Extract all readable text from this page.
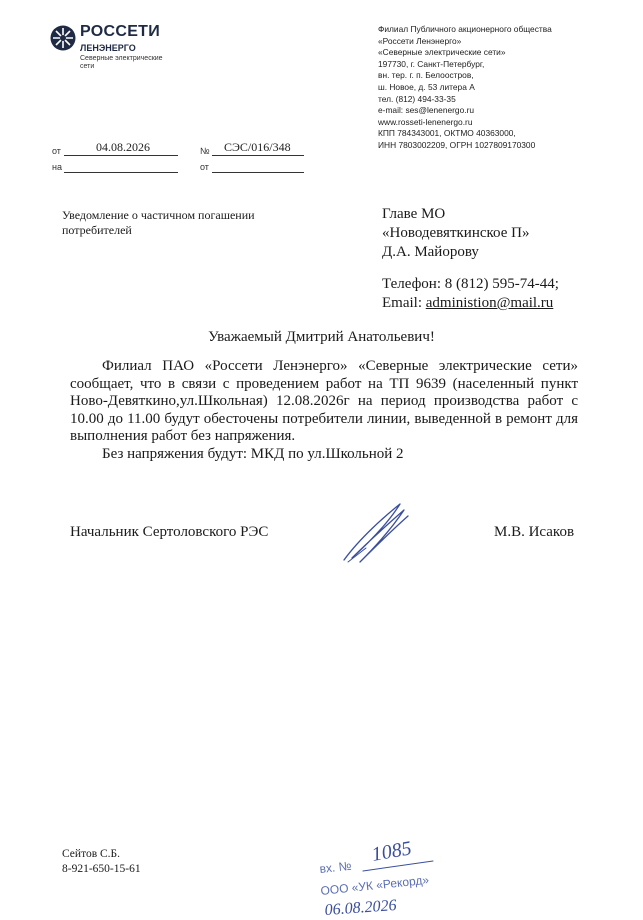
РОССЕТИ
ЛЕНЭНЕРГО
Северные электрические сети
Филиал Публичного акционерного общества
«Россети Ленэнерго»
«Северные электрические сети»
197730, г. Санкт-Петербург,
вн. тер. г. п. Белоостров,
ш. Новое, д. 53 литера А
тел. (812) 494-33-35
e-mail: ses@lenenergo.ru
www.rosseti-lenenergo.ru
КПП 784343001, ОКТМО 40363000,
ИНН 7803002209, ОГРН 1027809170300
от	04.08.2026	№ СЭС/016/348
на	от
Уведомление о частичном погашении потребителей
Главе МО
«Новодевяткинское П»
Д.А. Майорову
Телефон: 8 (812) 595-74-44;
Email: administion@mail.ru
Уважаемый Дмитрий Анатольевич!

Филиал ПАО «Россети Ленэнерго» «Северные электрические сети» сообщает, что в связи с проведением работ на ТП 9639 (населенный пункт Ново-Девяткино,ул.Школьная) 12.08.2026г на период производства работ с 10.00 до 11.00 будут обесточены потребители линии, выведенной в ремонт для выполнения работ без напряжения.

Без напряжения будут: МКД по ул.Школьной 2

Начальник Сертоловского РЭС	М.В. Исаков
Сейтов С.Б.
8-921-650-15-61	вх. №
1085
ООО «УК «Рекорд»
06.08.2026
